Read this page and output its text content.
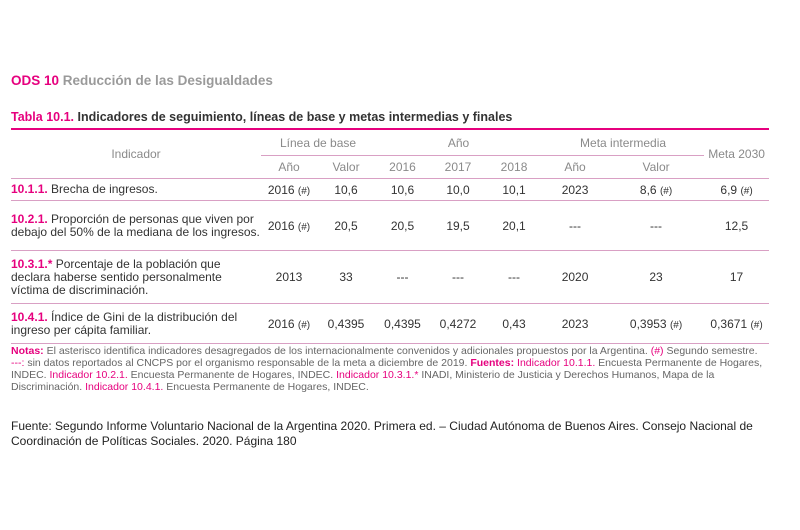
ODS 10 Reducción de las Desigualdades
Tabla 10.1. Indicadores de seguimiento, líneas de base y metas intermedias y finales
Indicador	Línea de base		Año			Meta intermedia		Meta 2030
	Año	Valor	2016	2017	2018	Año	Valor	
10.1.1. Brecha de ingresos.	2016 (#)	10,6	10,6	10,0	10,1	2023	8,6 (#)	6,9 (#)
10.2.1. Proporción de personas que viven por debajo del 50% de la mediana de los ingresos.	2016 (#)	20,5	20,5	19,5	20,1	---	---	12,5
10.3.1.* Porcentaje de la población que declara haberse sentido personalmente víctima de discriminación.	2013	33	---	---	---	2020	23	17
10.4.1. Índice de Gini de la distribución del ingreso per cápita familiar.	2016 (#)	0,4395	0,4395	0,4272	0,43	2023	0,3953 (#)	0,3671 (#)
Notas: El asterisco identifica indicadores desagregados de los internacionalmente convenidos y adicionales propuestos por la Argentina. (#) Segundo semestre.
---: sin datos reportados al CNCPS por el organismo responsable de la meta a diciembre de 2019. Fuentes: Indicador 10.1.1. Encuesta Permanente de Hogares, INDEC. Indicador 10.2.1. Encuesta Permanente de Hogares, INDEC. Indicador 10.3.1.* INADI, Ministerio de Justicia y Derechos Humanos, Mapa de la Discriminación. Indicador 10.4.1. Encuesta Permanente de Hogares, INDEC.
Fuente: Segundo Informe Voluntario Nacional de la Argentina 2020. Primera ed. – Ciudad Autónoma de Buenos Aires. Consejo Nacional de Coordinación de Políticas Sociales. 2020. Página 180
